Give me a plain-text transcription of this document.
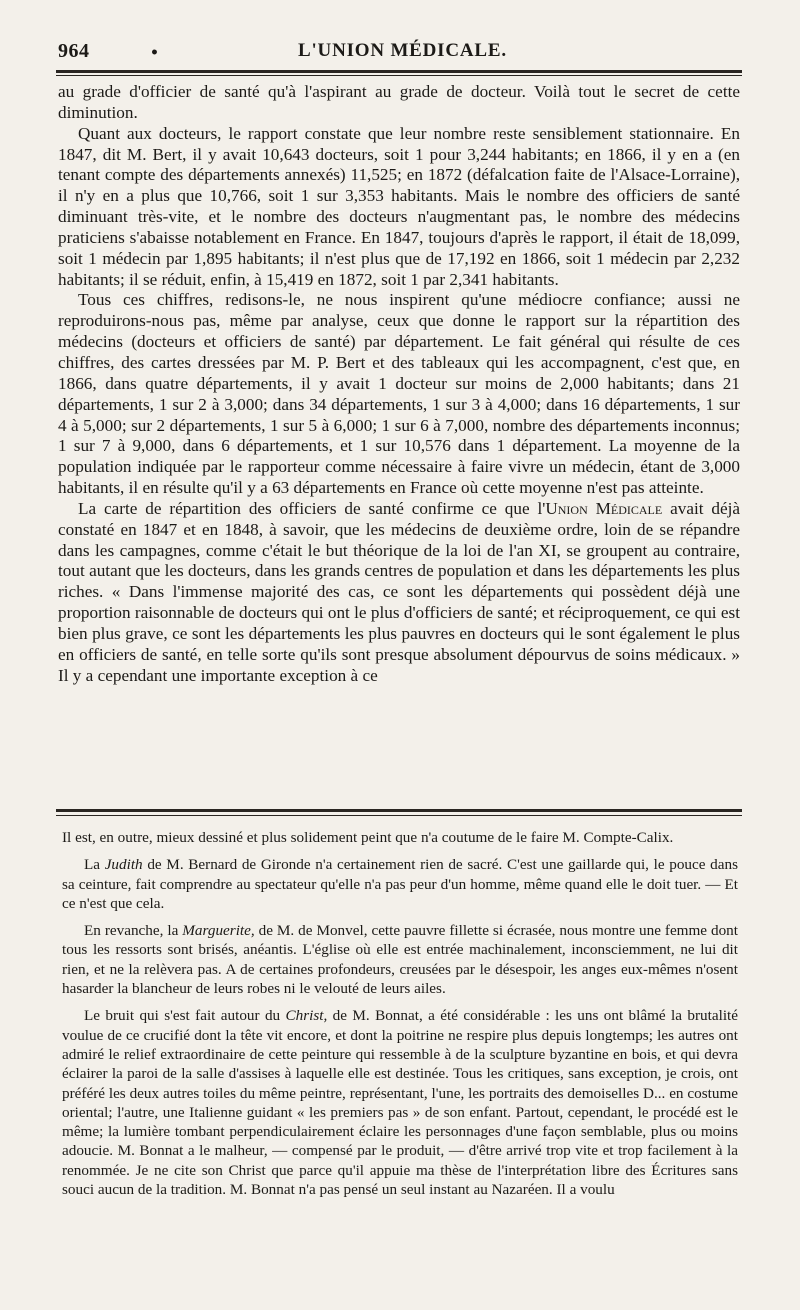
964	•	L'UNION MÉDICALE.

au grade d'officier de santé qu'à l'aspirant au grade de docteur. Voilà tout le secret de cette diminution.

Quant aux docteurs, le rapport constate que leur nombre reste sensiblement stationnaire. En 1847, dit M. Bert, il y avait 10,643 docteurs, soit 1 pour 3,244 habitants; en 1866, il y en a (en tenant compte des départements annexés) 11,525; en 1872 (défalcation faite de l'Alsace-Lorraine), il n'y en a plus que 10,766, soit 1 sur 3,353 habitants. Mais le nombre des officiers de santé diminuant très-vite, et le nombre des docteurs n'augmentant pas, le nombre des médecins praticiens s'abaisse notablement en France. En 1847, toujours d'après le rapport, il était de 18,099, soit 1 médecin par 1,895 habitants; il n'est plus que de 17,192 en 1866, soit 1 médecin par 2,232 habitants; il se réduit, enfin, à 15,419 en 1872, soit 1 par 2,341 habitants.

Tous ces chiffres, redisons-le, ne nous inspirent qu'une médiocre confiance; aussi ne reproduirons-nous pas, même par analyse, ceux que donne le rapport sur la répartition des médecins (docteurs et officiers de santé) par département. Le fait général qui résulte de ces chiffres, des cartes dressées par M. P. Bert et des tableaux qui les accompagnent, c'est que, en 1866, dans quatre départements, il y avait 1 docteur sur moins de 2,000 habitants; dans 21 départements, 1 sur 2 à 3,000; dans 34 départements, 1 sur 3 à 4,000; dans 16 départements, 1 sur 4 à 5,000; sur 2 départements, 1 sur 5 à 6,000; 1 sur 6 à 7,000, nombre des départements inconnus; 1 sur 7 à 9,000, dans 6 départements, et 1 sur 10,576 dans 1 département. La moyenne de la population indiquée par le rapporteur comme nécessaire à faire vivre un médecin, étant de 3,000 habitants, il en résulte qu'il y a 63 départements en France où cette moyenne n'est pas atteinte.

La carte de répartition des officiers de santé confirme ce que l'Union Médicale avait déjà constaté en 1847 et en 1848, à savoir, que les médecins de deuxième ordre, loin de se répandre dans les campagnes, comme c'était le but théorique de la loi de l'an XI, se groupent au contraire, tout autant que les docteurs, dans les grands centres de population et dans les départements les plus riches. « Dans l'immense majorité des cas, ce sont les départements qui possèdent déjà une proportion raisonnable de docteurs qui ont le plus d'officiers de santé; et réciproquement, ce qui est bien plus grave, ce sont les départements les plus pauvres en docteurs qui le sont également le plus en officiers de santé, en telle sorte qu'ils sont presque absolument dépourvus de soins médicaux. » Il y a cependant une importante exception à ce

Il est, en outre, mieux dessiné et plus solidement peint que n'a coutume de le faire M. Compte-Calix.

La Judith de M. Bernard de Gironde n'a certainement rien de sacré. C'est une gaillarde qui, le pouce dans sa ceinture, fait comprendre au spectateur qu'elle n'a pas peur d'un homme, même quand elle le doit tuer. — Et ce n'est que cela.

En revanche, la Marguerite, de M. de Monvel, cette pauvre fillette si écrasée, nous montre une femme dont tous les ressorts sont brisés, anéantis. L'église où elle est entrée machinalement, inconsciemment, ne lui dit rien, et ne la relèvera pas. A de certaines profondeurs, creusées par le désespoir, les anges eux-mêmes n'osent hasarder la blancheur de leurs robes ni le velouté de leurs ailes.

Le bruit qui s'est fait autour du Christ, de M. Bonnat, a été considérable : les uns ont blâmé la brutalité voulue de ce crucifié dont la tête vit encore, et dont la poitrine ne respire plus depuis longtemps; les autres ont admiré le relief extraordinaire de cette peinture qui ressemble à de la sculpture byzantine en bois, et qui devra éclairer la paroi de la salle d'assises à laquelle elle est destinée. Tous les critiques, sans exception, je crois, ont préféré les deux autres toiles du même peintre, représentant, l'une, les portraits des demoiselles D... en costume oriental; l'autre, une Italienne guidant « les premiers pas » de son enfant. Partout, cependant, le procédé est le même; la lumière tombant perpendiculairement éclaire les personnages d'une façon semblable, plus ou moins adoucie. M. Bonnat a le malheur, — compensé par le produit, — d'être arrivé trop vite et trop facilement à la renommée. Je ne cite son Christ que parce qu'il appuie ma thèse de l'interprétation libre des Écritures sans souci aucun de la tradition. M. Bonnat n'a pas pensé un seul instant au Nazaréen. Il a voulu
